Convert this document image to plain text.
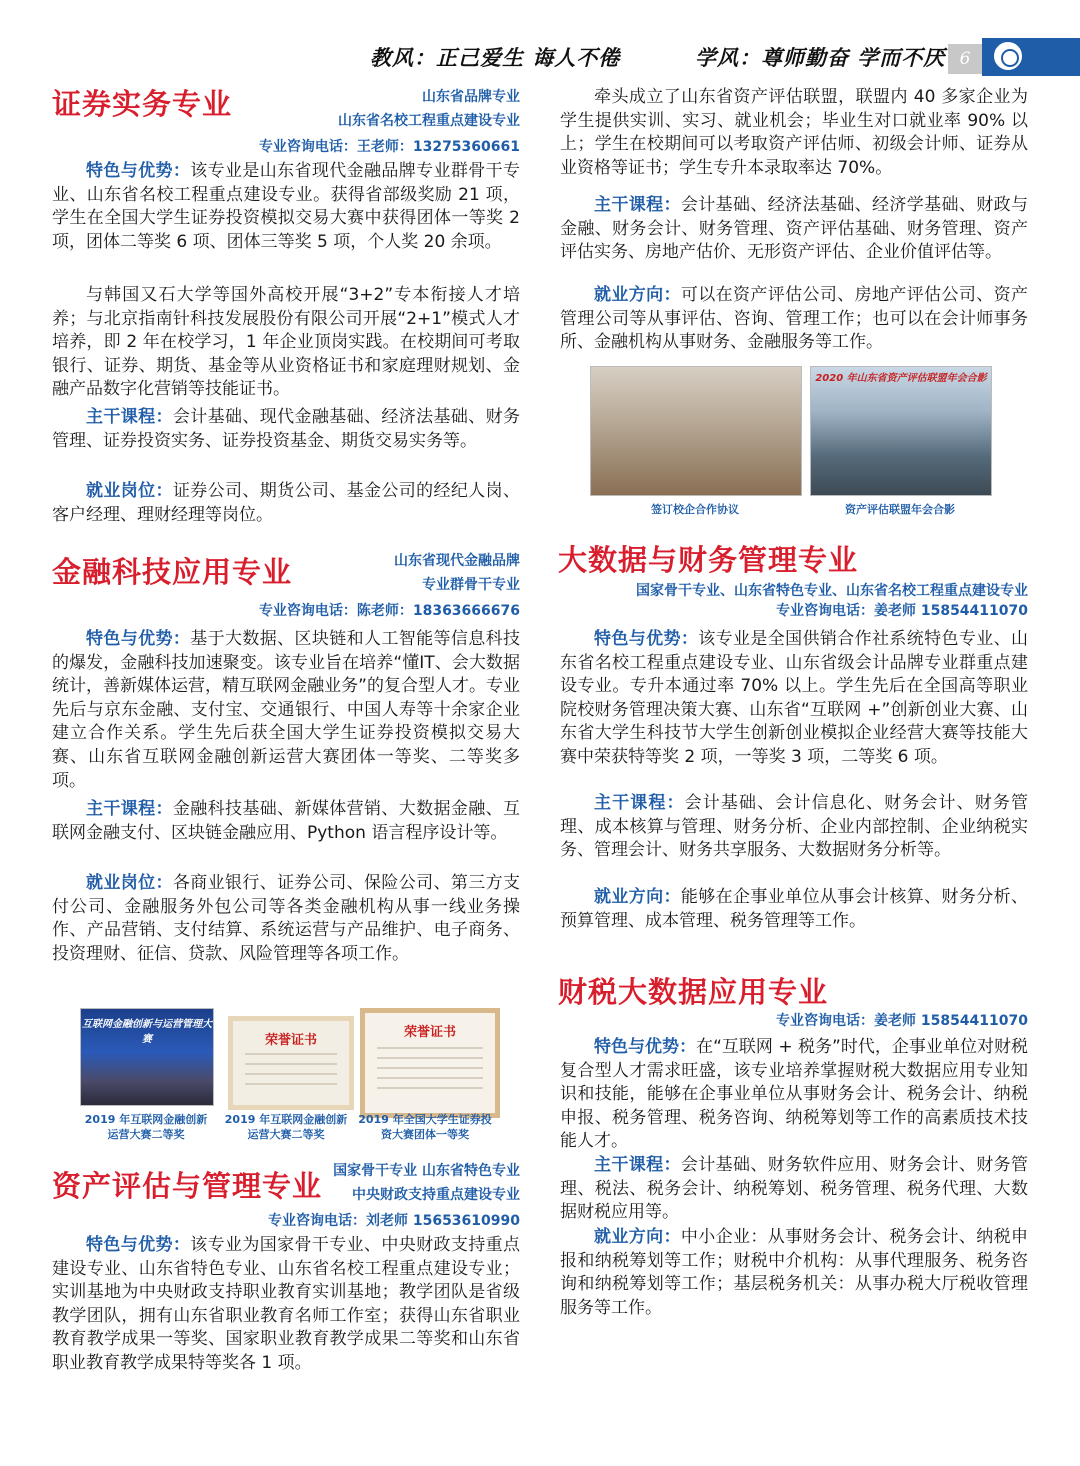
教风：正己爱生 诲人不倦	学风：尊师勤奋 学而不厌 6
证券实务专业	山东省品牌专业
山东省名校工程重点建设专业
专业咨询电话：王老师：13275360661

特色与优势：该专业是山东省现代金融品牌专业群骨干专业、山东省名校工程重点建设专业。获得省部级奖励 21 项，学生在全国大学生证券投资模拟交易大赛中获得团体一等奖 2 项，团体二等奖 6 项、团体三等奖 5 项，个人奖 20 余项。

与韩国又石大学等国外高校开展“3+2”专本衔接人才培养；与北京指南针科技发展股份有限公司开展“2+1”模式人才培养，即 2 年在校学习，1 年企业顶岗实践。在校期间可考取银行、证券、期货、基金等从业资格证书和家庭理财规划、金融产品数字化营销等技能证书。

主干课程：会计基础、现代金融基础、经济法基础、财务管理、证券投资实务、证券投资基金、期货交易实务等。

就业岗位：证券公司、期货公司、基金公司的经纪人岗、客户经理、理财经理等岗位。

金融科技应用专业	山东省现代金融品牌
专业群骨干专业
专业咨询电话：陈老师：18363666676

特色与优势：基于大数据、区块链和人工智能等信息科技的爆发，金融科技加速聚变。该专业旨在培养“懂IT、会大数据统计，善新媒体运营，精互联网金融业务”的复合型人才。专业先后与京东金融、支付宝、交通银行、中国人寿等十余家企业建立合作关系。学生先后获全国大学生证券投资模拟交易大赛、山东省互联网金融创新运营大赛团体一等奖、二等奖多项。

主干课程：金融科技基础、新媒体营销、大数据金融、互联网金融支付、区块链金融应用、Python 语言程序设计等。

就业岗位：各商业银行、证券公司、保险公司、第三方支付公司、金融服务外包公司等各类金融机构从事一线业务操作、产品营销、支付结算、系统运营与产品维护、电子商务、投资理财、征信、贷款、风险管理等各项工作。

互联网金融创新与运营管理大赛	荣誉证书
荣誉证书
2019 年互联网金融创新运营大赛二等奖
2019 年互联网金融创新运营大赛二等奖
2019 年全国大学生证券投资大赛团体一等奖
资产评估与管理专业 国家骨干专业 山东省特色专业
中央财政支持重点建设专业
专业咨询电话：刘老师 15653610990

特色与优势：该专业为国家骨干专业、中央财政支持重点建设专业、山东省特色专业、山东省名校工程重点建设专业；实训基地为中央财政支持职业教育实训基地；教学团队是省级教学团队，拥有山东省职业教育名师工作室；获得山东省职业教育教学成果一等奖、国家职业教育教学成果二等奖和山东省职业教育教学成果特等奖各 1 项。

牵头成立了山东省资产评估联盟，联盟内 40 多家企业为学生提供实训、实习、就业机会；毕业生对口就业率 90% 以上；学生在校期间可以考取资产评估师、初级会计师、证券从业资格等证书；学生专升本录取率达 70%。

主干课程：会计基础、经济法基础、经济学基础、财政与金融、财务会计、财务管理、资产评估基础、财务管理、资产评估实务、房地产估价、无形资产评估、企业价值评估等。

就业方向：可以在资产评估公司、房地产评估公司、资产管理公司等从事评估、咨询、管理工作；也可以在会计师事务所、金融机构从事财务、金融服务等工作。

2020 年山东省资产评估联盟年会合影
签订校企合作协议	资产评估联盟年会合影
大数据与财务管理专业
国家骨干专业、山东省特色专业、山东省名校工程重点建设专业
专业咨询电话：姜老师 15854411070

特色与优势：该专业是全国供销合作社系统特色专业、山东省名校工程重点建设专业、山东省级会计品牌专业群重点建设专业。专升本通过率 70% 以上。学生先后在全国高等职业院校财务管理决策大赛、山东省“互联网 +”创新创业大赛、山东省大学生科技节大学生创新创业模拟企业经营大赛等技能大赛中荣获特等奖 2 项，一等奖 3 项，二等奖 6 项。

主干课程：会计基础、会计信息化、财务会计、财务管理、成本核算与管理、财务分析、企业内部控制、企业纳税实务、管理会计、财务共享服务、大数据财务分析等。

就业方向：能够在企事业单位从事会计核算、财务分析、预算管理、成本管理、税务管理等工作。

财税大数据应用专业
专业咨询电话：姜老师 15854411070

特色与优势：在“互联网 + 税务”时代，企事业单位对财税复合型人才需求旺盛，该专业培养掌握财税大数据应用专业知识和技能，能够在企事业单位从事财务会计、税务会计、纳税申报、税务管理、税务咨询、纳税筹划等工作的高素质技术技能人才。

主干课程：会计基础、财务软件应用、财务会计、财务管理、税法、税务会计、纳税筹划、税务管理、税务代理、大数据财税应用等。

就业方向：中小企业：从事财务会计、税务会计、纳税申报和纳税筹划等工作；财税中介机构：从事代理服务、税务咨询和纳税筹划等工作；基层税务机关：从事办税大厅税收管理服务等工作。
